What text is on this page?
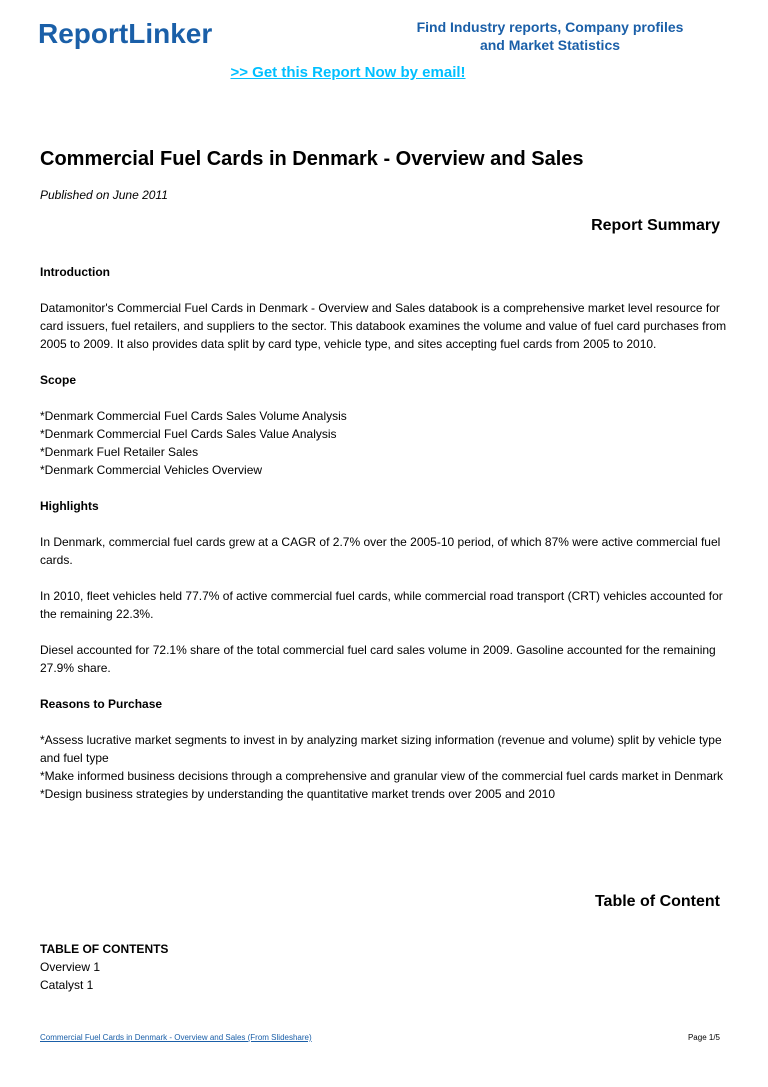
ReportLinker	Find Industry reports, Company profiles
and Market Statistics
>> Get this Report Now by email!
Commercial Fuel Cards in Denmark - Overview and Sales
Published on June 2011
Report Summary
Introduction

Datamonitor's Commercial Fuel Cards in Denmark - Overview and Sales databook is a comprehensive market level resource for card issuers, fuel retailers, and suppliers to the sector. This databook examines the volume and value of fuel card purchases from 2005 to 2009. It also provides data split by card type, vehicle type, and sites accepting fuel cards from 2005 to 2010.

Scope

*Denmark Commercial Fuel Cards Sales Volume Analysis
*Denmark Commercial Fuel Cards Sales Value Analysis
*Denmark Fuel Retailer Sales
*Denmark Commercial Vehicles Overview

Highlights

In Denmark, commercial fuel cards grew at a CAGR of 2.7% over the 2005-10 period, of which 87% were active commercial fuel cards.

In 2010, fleet vehicles held 77.7% of active commercial fuel cards, while commercial road transport (CRT) vehicles accounted for the remaining 22.3%.

Diesel accounted for 72.1% share of the total commercial fuel card sales volume in 2009. Gasoline accounted for the remaining 27.9% share.

Reasons to Purchase

*Assess lucrative market segments to invest in by analyzing market sizing information (revenue and volume) split by vehicle type and fuel type
*Make informed business decisions through a comprehensive and granular view of the commercial fuel cards market in Denmark
*Design business strategies by understanding the quantitative market trends over 2005 and 2010

Table of Content
TABLE OF CONTENTS
Overview 1
Catalyst 1
Commercial Fuel Cards in Denmark - Overview and Sales (From Slideshare)	Page 1/5
